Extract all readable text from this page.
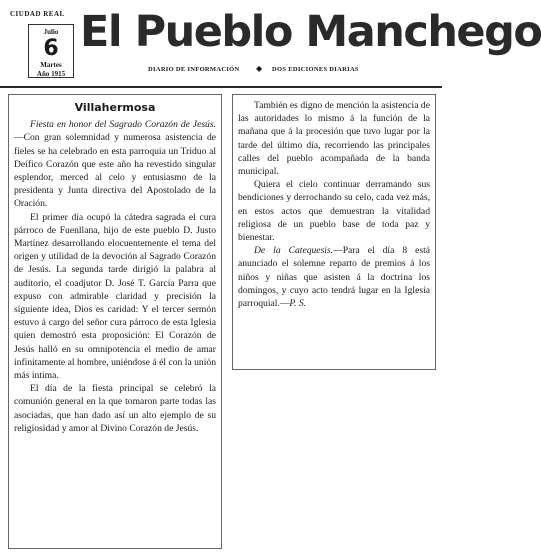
CIUDAD REAL
Julio
6
Martes
Año 1915
El Pueblo Manchego
DIARIO DE INFORMACIÓN ◆ DOS EDICIONES DIARIAS
Villahermosa

Fiesta en honor del Sagrado Corazón de Jesús.—Con gran solemnidad y numerosa asistencia de fieles se ha celebrado en esta parroquia un Triduo al Deífico Corazón que este año ha revestido singular esplendor, merced al celo y entusiasmo de la presidenta y Junta directiva del Apostolado de la Oración.

El primer día ocupó la cátedra sagrada el cura párroco de Fuenllana, hijo de este pueblo D. Justo Martínez desarrollando elocuentemente el tema del origen y utilidad de la devoción al Sagrado Corazón de Jesús. La segunda tarde dirigió la palabra al auditorio, el coadjutor D. José T. García Parra que expuso con admirable claridad y precisión la siguiente idea, Dios es caridad: Y el tercer sermón estuvo á cargo del señor cura párroco de esta Iglesia quien demostró esta proposición: El Corazón de Jesús halló en su omnipotencia el medio de amar infinitamente al hombre, uniéndose á él con la unión más íntima.

El día de la fiesta principal se celebró la comunión general en la que tomaron parte todas las asociadas, que han dado así un alto ejemplo de su religiosidad y amor al Divino Corazón de Jesús.

También es digno de mención la asistencia de las autoridades lo mismo á la función de la mañana que á la procesión que tuvo lugar por la tarde del último día, recorriendo las principales calles del pueblo acompañada de la banda municipal.

Quiera el cielo continuar derramando sus bendiciones y derrochando su celo, cada vez más, en estos actos que demuestran la vitalidad religiosa de un pueblo base de toda paz y bienestar.

De la Catequesis.—Para el día 8 está anunciado el solemne reparto de premios á los niños y niñas que asisten á la doctrina los domingos, y cuyo acto tendrá lugar en la Iglesia parroquial.—P. S.
